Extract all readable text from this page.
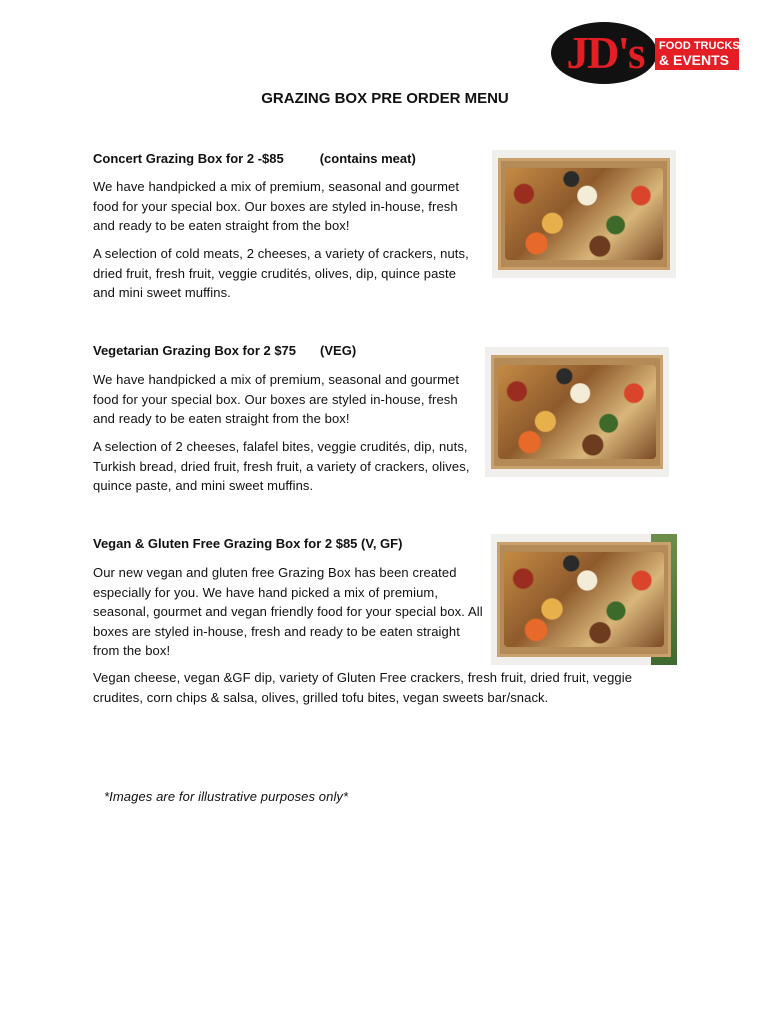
JD's	FOOD TRUCKS
& EVENTS
GRAZING BOX PRE ORDER MENU
Concert Grazing Box for 2 -$85	(contains meat)
We have handpicked a mix of premium, seasonal and gourmet food for your special box. Our boxes are styled in-house, fresh and ready to be eaten straight from the box!
A selection of cold meats, 2 cheeses, a variety of crackers, nuts, dried fruit, fresh fruit, veggie crudités, olives, dip, quince paste and mini sweet muffins.
Vegetarian Grazing Box for 2 $75 (VEG)
We have handpicked a mix of premium, seasonal and gourmet food for your special box. Our boxes are styled in-house, fresh and ready to be eaten straight from the box!
A selection of 2 cheeses, falafel bites, veggie crudités, dip, nuts, Turkish bread, dried fruit, fresh fruit, a variety of crackers, olives, quince paste, and mini sweet muffins.
Vegan & Gluten Free Grazing Box for 2 $85 (V, GF)
Our new vegan and gluten free Grazing Box has been created especially for you. We have hand picked a mix of premium, seasonal, gourmet and vegan friendly food for your special box. All boxes are styled in-house, fresh and ready to be eaten straight from the box!
Vegan cheese, vegan &GF dip, variety of Gluten Free crackers, fresh fruit, dried fruit, veggie crudites, corn chips & salsa, olives, grilled tofu bites, vegan sweets bar/snack.
*Images are for illustrative purposes only*
